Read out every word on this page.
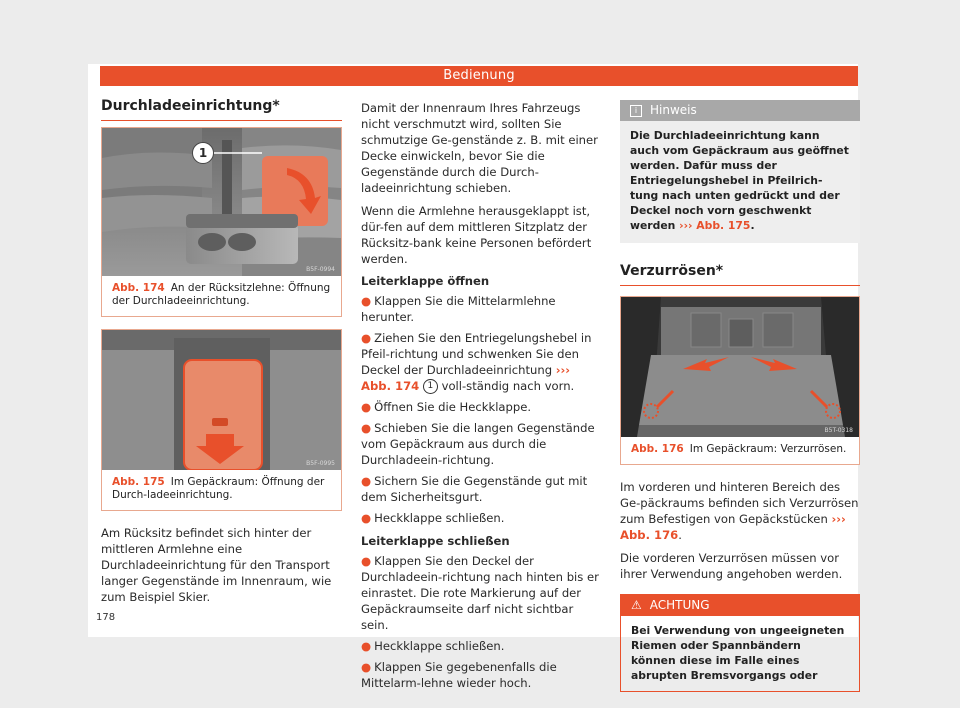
Bedienung
Durchladeeinrichtung*
1
B5F-0994
Abb. 174 An der Rücksitzlehne: Öffnung der Durchladeeinrichtung.
B5F-0995
Abb. 175 Im Gepäckraum: Öffnung der Durch-ladeeinrichtung.

Am Rücksitz befindet sich hinter der mittleren Armlehne eine Durchladeeinrichtung für den Transport langer Gegenstände im Innenraum, wie zum Beispiel Skier.

Damit der Innenraum Ihres Fahrzeugs nicht verschmutzt wird, sollten Sie schmutzige Ge-genstände z. B. mit einer Decke einwickeln, bevor Sie die Gegenstände durch die Durch-ladeeinrichtung schieben.

Wenn die Armlehne herausgeklappt ist, dür-fen auf dem mittleren Sitzplatz der Rücksitz-bank keine Personen befördert werden.

Leiterklappe öffnen
● Klappen Sie die Mittelarmlehne herunter.
● Ziehen Sie den Entriegelungshebel in Pfeil-richtung und schwenken Sie den Deckel der Durchladeeinrichtung ››› Abb. 174 1 voll-ständig nach vorn.
● Öffnen Sie die Heckklappe.
● Schieben Sie die langen Gegenstände vom Gepäckraum aus durch die Durchladeein-richtung.
● Sichern Sie die Gegenstände gut mit dem Sicherheitsgurt.
● Heckklappe schließen.
Leiterklappe schließen
● Klappen Sie den Deckel der Durchladeein-richtung nach hinten bis er einrastet. Die rote Markierung auf der Gepäckraumseite darf nicht sichtbar sein.
● Heckklappe schließen.
● Klappen Sie gegebenenfalls die Mittelarm-lehne wieder hoch.
i Hinweis
Die Durchladeeinrichtung kann auch vom Gepäckraum aus geöffnet werden. Dafür muss der Entriegelungshebel in Pfeilrich-tung nach unten gedrückt und der Deckel noch vorn geschwenkt werden ››› Abb. 175.
Verzurrösen*
B5T-0318
Abb. 176 Im Gepäckraum: Verzurrösen.

Im vorderen und hinteren Bereich des Ge-päckraums befinden sich Verzurrösen zum Befestigen von Gepäckstücken ››› Abb. 176.

Die vorderen Verzurrösen müssen vor ihrer Verwendung angehoben werden.

⚠ ACHTUNG
Bei Verwendung von ungeeigneten Riemen oder Spannbändern können diese im Falle eines abrupten Bremsvorgangs oder
178
